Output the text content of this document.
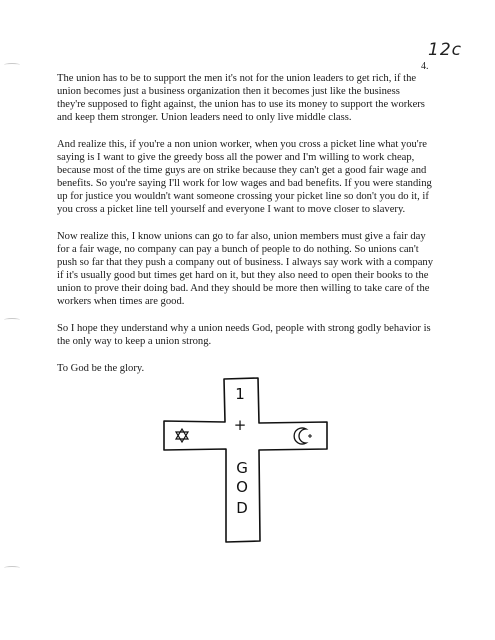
12c
4.

The union has to be to support the men it's not for the union leaders to get rich, if the
union becomes just a business organization then it becomes just like the business
they're supposed to fight against, the union has to use its money to support the workers
and keep them stronger. Union leaders need to only live middle class.

And realize this, if you're a non union worker, when you cross a picket line what you're
saying is I want to give the greedy boss all the power and I'm willing to work cheap,
because most of the time guys are on strike because they can't get a good fair wage and
benefits. So you're saying I'll work for low wages and bad benefits. If you were standing
up for justice you wouldn't want someone crossing your picket line so don't you do it, if
you cross a picket line tell yourself and everyone I want to move closer to slavery.

Now realize this, I know unions can go to far also, union members must give a fair day
for a fair wage, no company can pay a bunch of people to do nothing. So unions can't
push so far that they push a company out of business. I always say work with a company
if it's usually good but times get hard on it, but they also need to open their books to the
union to prove their doing bad. And they should be more then willing to take care of the
workers when times are good.

So I hope they understand why a union needs God, people with strong godly behavior is
the only way to keep a union strong.

To God be the glory.

1
+
G
O
D
